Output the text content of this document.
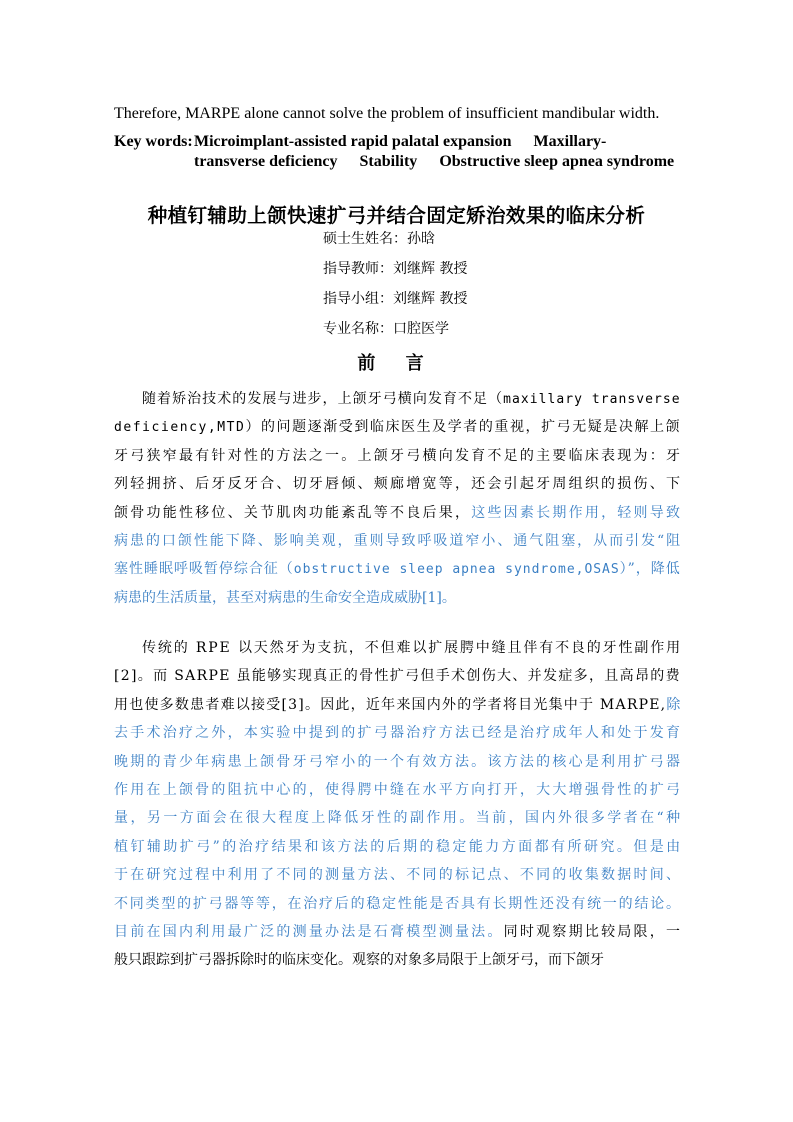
Therefore, MARPE alone cannot solve the problem of insufficient mandibular width.
Key words: Microimplant-assisted rapid palatal expansion Maxillary-
transverse deficiency Stability Obstructive sleep apnea syndrome
种植钉辅助上颌快速扩弓并结合固定矫治效果的临床分析
硕士生姓名：孙晗
指导教师：刘继辉 教授
指导小组：刘继辉 教授
专业名称：口腔医学
前 言
随着矫治技术的发展与进步，上颌牙弓横向发育不足（maxillary transverse
deficiency,MTD）的问题逐渐受到临床医生及学者的重视，扩弓无疑是决解上颌
牙弓狭窄最有针对性的方法之一。上颌牙弓横向发育不足的主要临床表现为：牙
列轻拥挤、后牙反牙合、切牙唇倾、颊廊增宽等，还会引起牙周组织的损伤、下
颌骨功能性移位、关节肌肉功能紊乱等不良后果，这些因素长期作用，轻则导致
病患的口颌性能下降、影响美观，重则导致呼吸道窄小、通气阻塞，从而引发“阻
塞性睡眠呼吸暂停综合征（obstructive sleep apnea syndrome,OSAS）”，降低
病患的生活质量，甚至对病患的生命安全造成威胁[1]。
传统的 RPE 以天然牙为支抗，不但难以扩展腭中缝且伴有不良的牙性副作用
[2]。而 SARPE 虽能够实现真正的骨性扩弓但手术创伤大、并发症多，且高昂的费
用也使多数患者难以接受[3]。因此，近年来国内外的学者将目光集中于 MARPE,除
去手术治疗之外，本实验中提到的扩弓器治疗方法已经是治疗成年人和处于发育
晚期的青少年病患上颌骨牙弓窄小的一个有效方法。该方法的核心是利用扩弓器
作用在上颌骨的阻抗中心的，使得腭中缝在水平方向打开，大大增强骨性的扩弓
量，另一方面会在很大程度上降低牙性的副作用。当前，国内外很多学者在“种
植钉辅助扩弓”的治疗结果和该方法的后期的稳定能力方面都有所研究。但是由
于在研究过程中利用了不同的测量方法、不同的标记点、不同的收集数据时间、
不同类型的扩弓器等等，在治疗后的稳定性能是否具有长期性还没有统一的结论。
目前在国内利用最广泛的测量办法是石膏模型测量法。同时观察期比较局限，一
般只跟踪到扩弓器拆除时的临床变化。观察的对象多局限于上颌牙弓，而下颌牙
